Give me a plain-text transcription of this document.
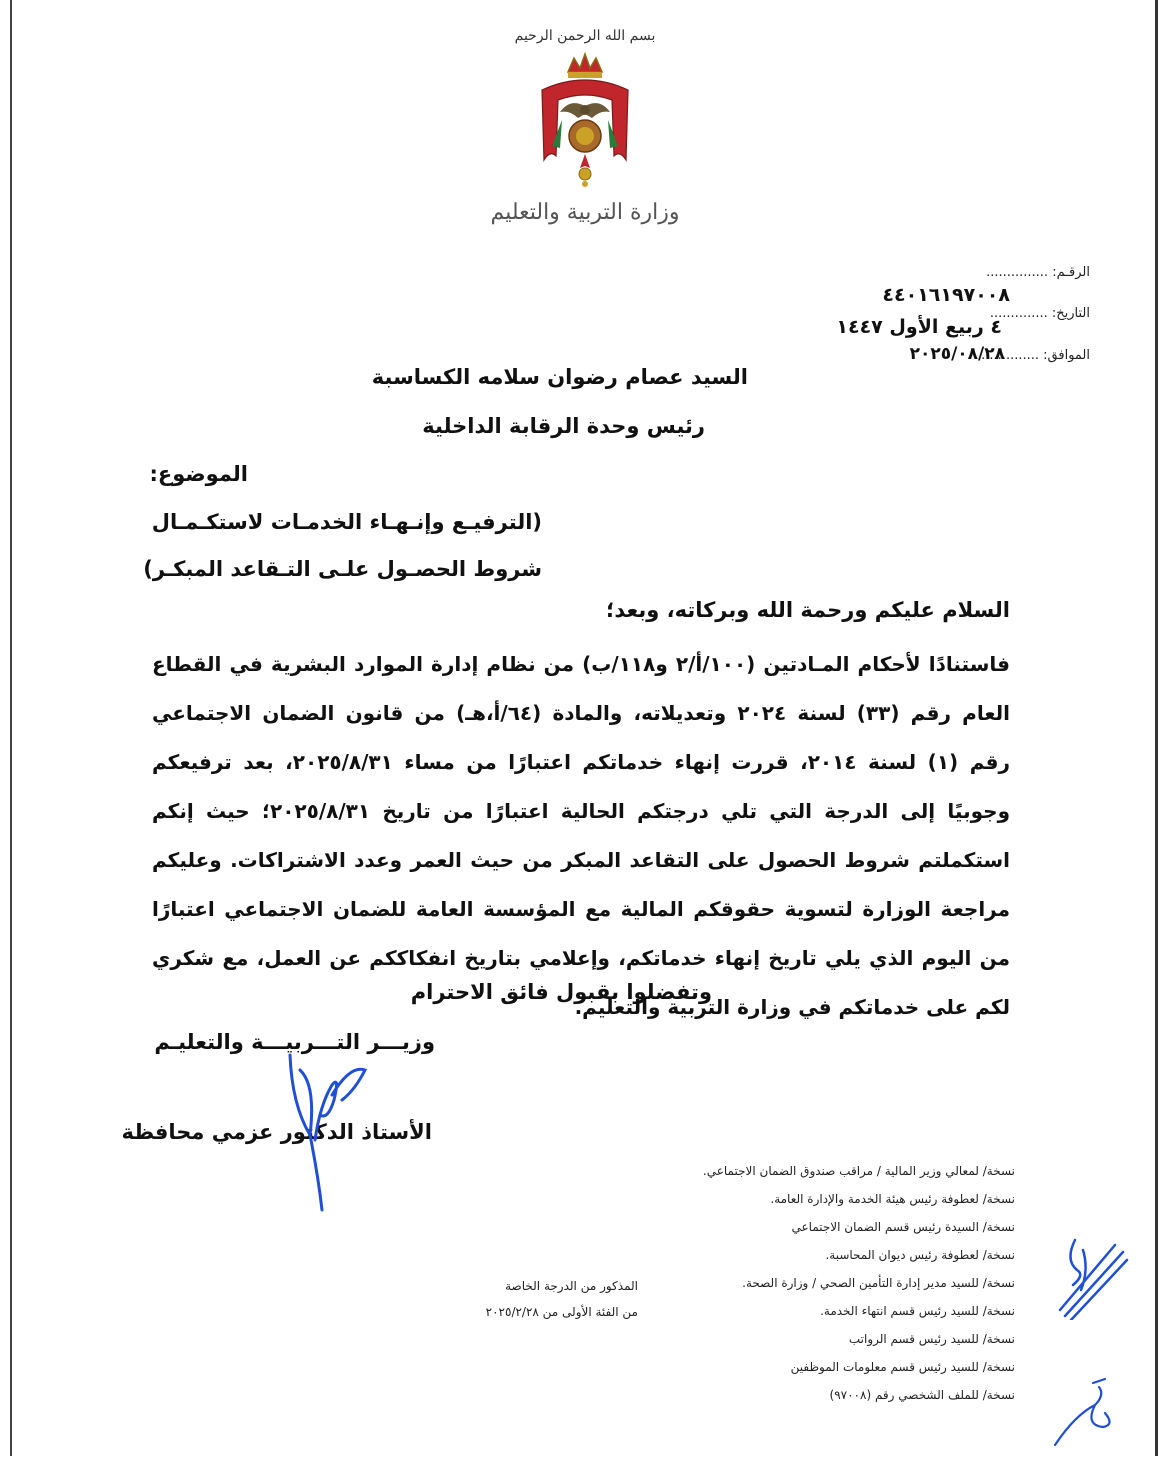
بسم الله الرحمن الرحيم
وزارة التربية والتعليم
الرقـم: ...............
٤٤٠١٦١٩٧٠٠٨
التاريخ: ..............
٤ ربيع الأول ١٤٤٧
الموافق: ..............
٢٠٢٥/٠٨/٢٨
السيد عصام رضوان سلامه الكساسبة
رئيس وحدة الرقابة الداخلية
الموضوع:
(الترفيـع وإنـهـاء الخدمـات لاستكـمـال
شروط الحصـول علـى التـقاعد المبكـر)
السلام عليكم ورحمة الله وبركاته، وبعد؛
فاستنادًا لأحكام المـادتين (١٠٠/أ/٢ و١١٨/ب) من نظام إدارة الموارد البشرية في القطاع العام رقم (٣٣) لسنة ٢٠٢٤ وتعديلاته، والمادة (٦٤/أ،هـ) من قانون الضمان الاجتماعي رقم (١) لسنة ٢٠١٤، قررت إنهاء خدماتكم اعتبارًا من مساء ٢٠٢٥/٨/٣١، بعد ترفيعكم وجوبيًا إلى الدرجة التي تلي درجتكم الحالية اعتبارًا من تاريخ ٢٠٢٥/٨/٣١؛ حيث إنكم استكملتم شروط الحصول على التقاعد المبكر من حيث العمر وعدد الاشتراكات. وعليكم مراجعة الوزارة لتسوية حقوقكم المالية مع المؤسسة العامة للضمان الاجتماعي اعتبارًا من اليوم الذي يلي تاريخ إنهاء خدماتكم، وإعلامي بتاريخ انفكاككم عن العمل، مع شكري لكم على خدماتكم في وزارة التربية والتعليم.
وتفضلوا بقبول فائق الاحترام
وزيـــر التـــربيـــة والتعليـم
الأستاذ الدكتور عزمي محافظة
نسخة/ لمعالي وزير المالية / مراقب صندوق الضمان الاجتماعي.
نسخة/ لعطوفة رئيس هيئة الخدمة والإدارة العامة.
نسخة/ السيدة رئيس قسم الضمان الاجتماعي
نسخة/ لعطوفة رئيس ديوان المحاسبة.
نسخة/ للسيد مدير إدارة التأمين الصحي / وزارة الصحة.
نسخة/ للسيد رئيس قسم انتهاء الخدمة.
نسخة/ للسيد رئيس قسم الرواتب
نسخة/ للسيد رئيس قسم معلومات الموظفين
نسخة/ للملف الشخصي رقم (٩٧٠٠٨)
المذكور من الدرجة الخاصة
من الفئة الأولى من ٢٠٢٥/٢/٢٨
